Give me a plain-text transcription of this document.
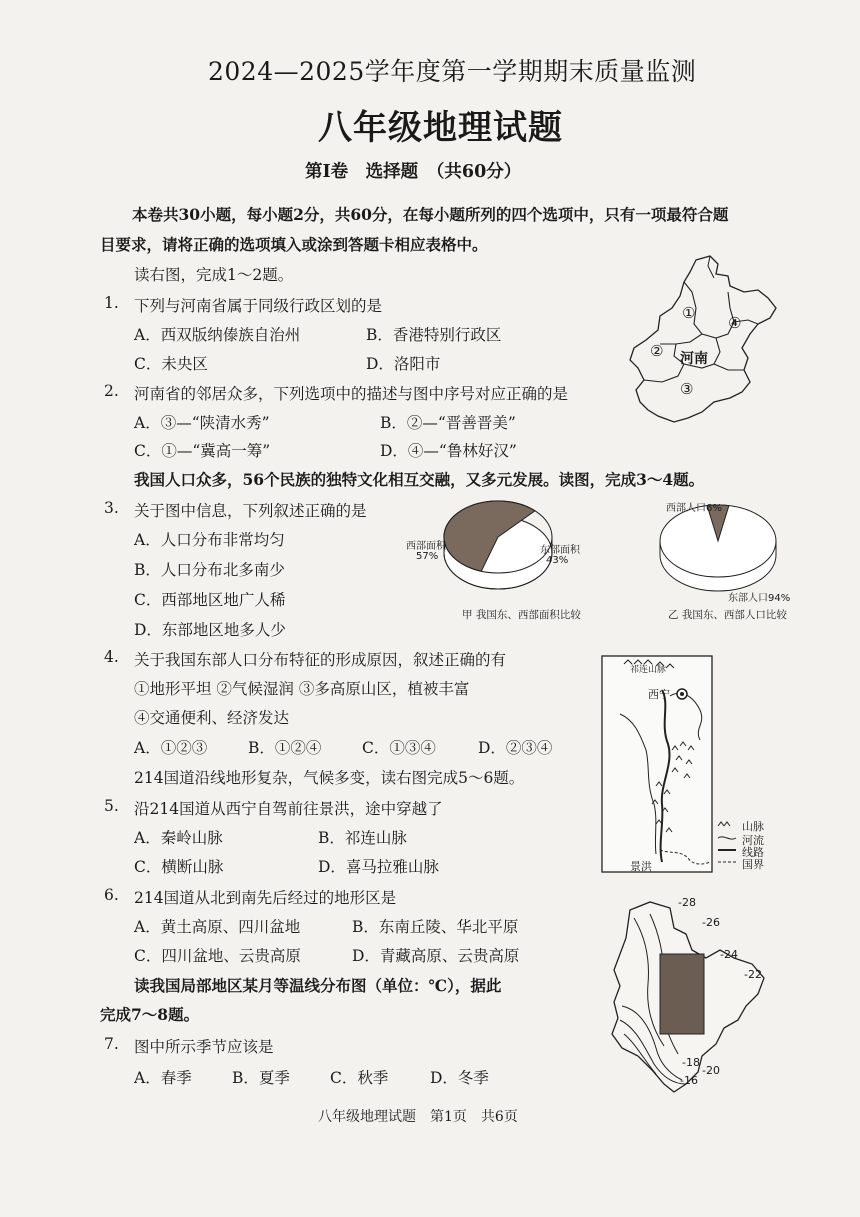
2024—2025学年度第一学期期末质量监测
八年级地理试题
第Ⅰ卷　选择题　（共60分）
本卷共30小题，每小题2分，共60分，在每小题所列的四个选项中，只有一项最符合题
目要求，请将正确的选项填入或涂到答题卡相应表格中。
读右图，完成1～2题。
1. 下列与河南省属于同级行政区划的是
A．西双版纳傣族自治州	B．香港特别行政区
C．未央区	D．洛阳市
2. 河南省的邻居众多，下列选项中的描述与图中序号对应正确的是
A．③—“陕清水秀”	B．②—“晋善晋美”
C．①—“冀高一筹”	D．④—“鲁林好汉”
①
②
③
④
河南
我国人口众多，56个民族的独特文化相互交融，又多元发展。读图，完成3～4题。
3. 关于图中信息，下列叙述正确的是
A．人口分布非常均匀
B．人口分布北多南少
C．西部地区地广人稀
D．东部地区地多人少
西部面积
57%
东部面积
43%
甲 我国东、西部面积比较
西部人口6%
东部人口94%
乙 我国东、西部人口比较
4. 关于我国东部人口分布特征的形成原因，叙述正确的有
①地形平坦 ②气候湿润 ③多高原山区，植被丰富
④交通便利、经济发达
A．①②③	B．①②④	C．①③④	D．②③④
214国道沿线地形复杂，气候多变，读右图完成5～6题。
祁连山脉
西宁
景洪
山脉
河流
线路
国界
5. 沿214国道从西宁自驾前往景洪，途中穿越了
A．秦岭山脉	B．祁连山脉
C．横断山脉	D．喜马拉雅山脉
6. 214国道从北到南先后经过的地形区是
A．黄土高原、四川盆地	B．东南丘陵、华北平原
C．四川盆地、云贵高原	D．青藏高原、云贵高原
读我国局部地区某月等温线分布图（单位：℃），据此
完成7～8题。
7. 图中所示季节应该是
A．春季	B．夏季	C．秋季	D．冬季
-28
-26
-24
-22
-18
-20
-16
八年级地理试题　第1页　共6页
